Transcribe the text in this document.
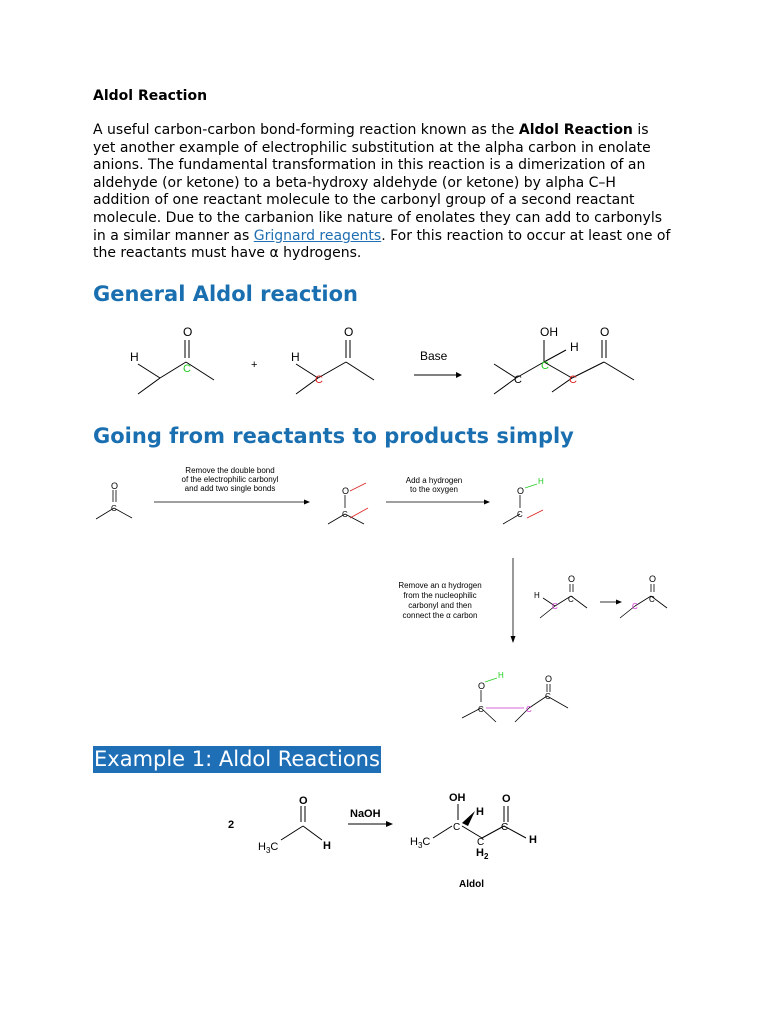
Aldol Reaction
A useful carbon-carbon bond-forming reaction known as the Aldol Reaction is yet another example of electrophilic substitution at the alpha carbon in enolate anions. The fundamental transformation in this reaction is a dimerization of an aldehyde (or ketone) to a beta-hydroxy aldehyde (or ketone) by alpha C–H addition of one reactant molecule to the carbonyl group of a second reactant molecule. Due to the carbanion like nature of enolates they can add to carbonyls in a similar manner as Grignard reagents. For this reaction to occur at least one of the reactants must have α hydrogens.
General Aldol reaction
Going from reactants to products simply
Example 1: Aldol Reactions
O
H
C	+
O
H
C
Base
C
OH
H
C
C
O
Remove the double bond
of the electrophilic carbonyl
and add two single bonds
Add a hydrogen
to the oxygen
Remove an α hydrogen
from the nucleophilic
carbonyl and then
connect the α carbon
O
C
O
C
O
H
C
H
O
C
C
O
C
C
O
H
C
O
C
C
2
O
$H_3C$	H
NaOH
OH
H
O
C	C
$H_3C$	C
$H_2$
H
Aldol
